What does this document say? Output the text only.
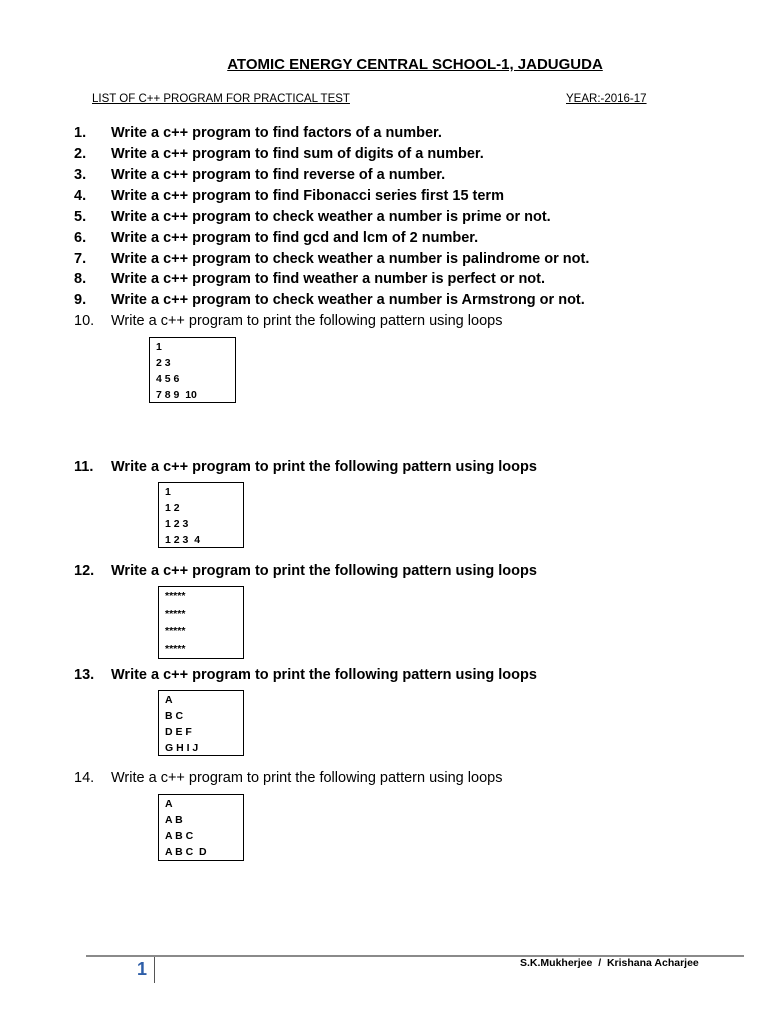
ATOMIC ENERGY CENTRAL SCHOOL-1, JADUGUDA
LIST OF C++ PROGRAM FOR PRACTICAL TEST	YEAR:-2016-17
1. Write a c++ program to find factors of a number.
2. Write a c++ program to find sum of digits of a number.
3. Write a c++ program to find reverse of a number.
4. Write a c++ program to find Fibonacci series first 15 term
5. Write a c++ program to check weather a number is prime or not.
6. Write a c++ program to find gcd and lcm of 2 number.
7. Write a c++ program to check weather a number is palindrome or not.
8. Write a c++ program to find weather a number is perfect or not.
9. Write a c++ program to check weather a number is Armstrong or not.
10. Write a c++ program to print the following pattern using loops
1
2 3
4 5 6
7 8 9  10
11. Write a c++ program to print the following pattern using loops
1
1 2
1 2 3
1 2 3  4
12. Write a c++ program to print the following pattern using loops
*****
*****
*****
*****
13. Write a c++ program to print the following pattern using loops
A
B C
D E F
G H I J
14. Write a c++ program to print the following pattern using loops
A
A B
A B C
A B C  D
1	S.K.Mukherjee  /  Krishana Acharjee
